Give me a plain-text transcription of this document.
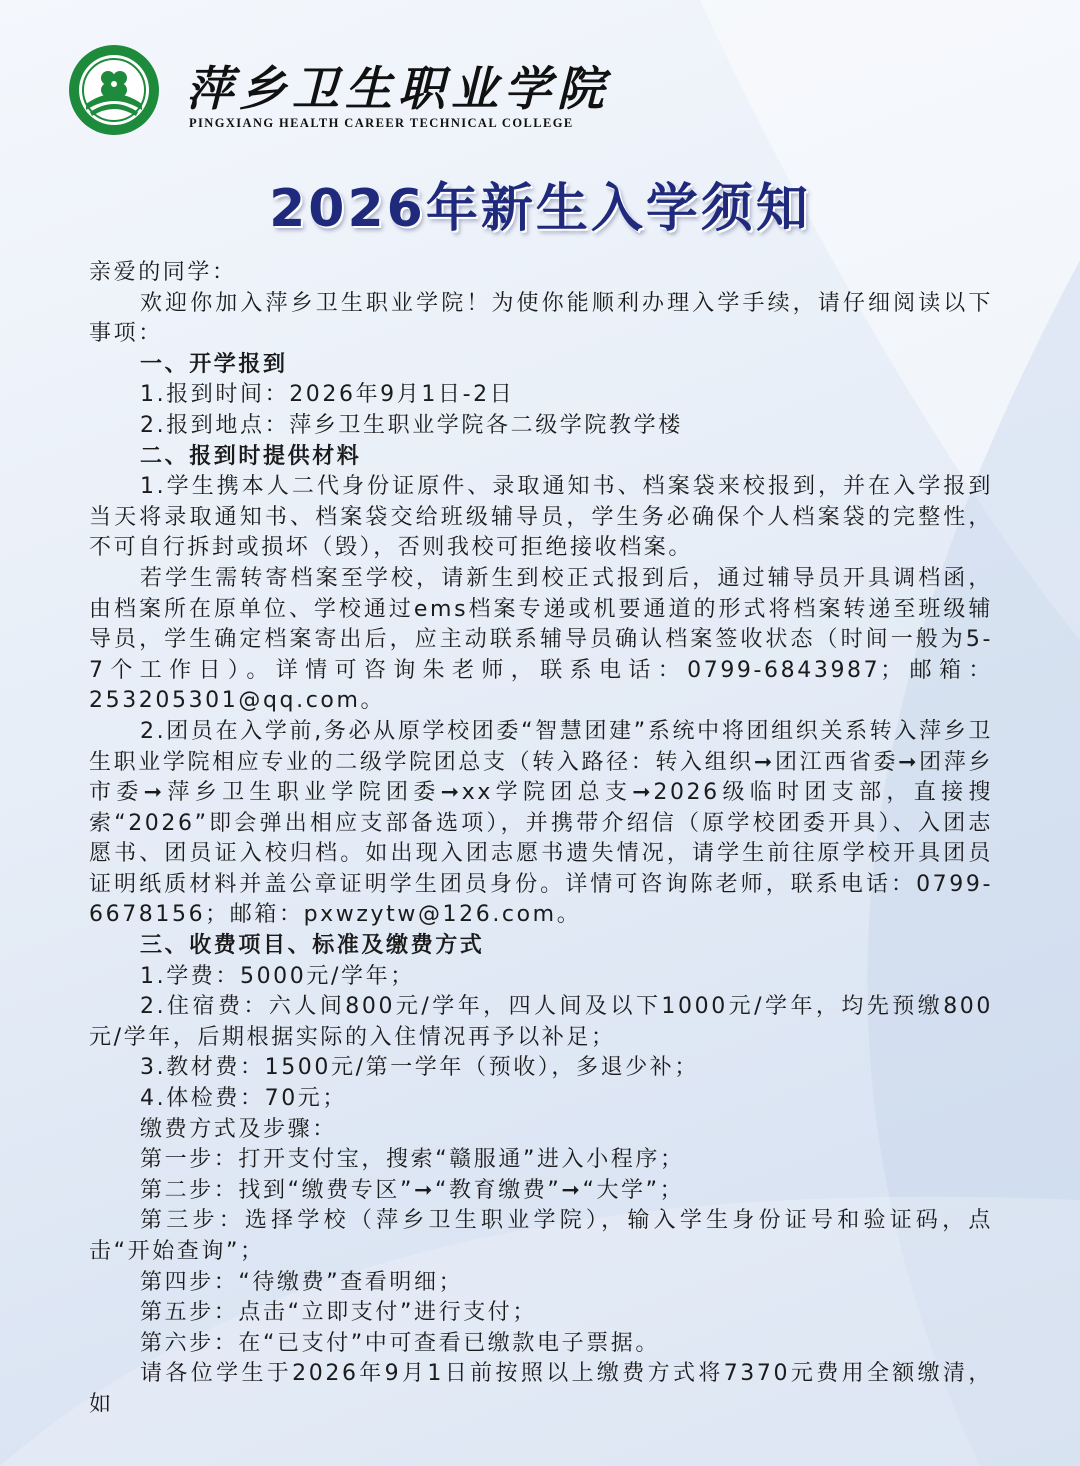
萍乡卫生职业学院
PINGXIANG HEALTH CAREER TECHNICAL COLLEGE
2026年新生入学须知

亲爱的同学：

欢迎你加入萍乡卫生职业学院！为使你能顺利办理入学手续，请仔细阅读以下事项：

一、开学报到

1.报到时间：2026年9月1日-2日

2.报到地点：萍乡卫生职业学院各二级学院教学楼

二、报到时提供材料

1.学生携本人二代身份证原件、录取通知书、档案袋来校报到，并在入学报到当天将录取通知书、档案袋交给班级辅导员，学生务必确保个人档案袋的完整性，不可自行拆封或损坏（毁），否则我校可拒绝接收档案。

若学生需转寄档案至学校，请新生到校正式报到后，通过辅导员开具调档函，由档案所在原单位、学校通过ems档案专递或机要通道的形式将档案转递至班级辅导员，学生确定档案寄出后，应主动联系辅导员确认档案签收状态（时间一般为5-7个工作日）。详情可咨询朱老师，联系电话：0799-6843987；邮箱：253205301@qq.com。

2.团员在入学前,务必从原学校团委“智慧团建”系统中将团组织关系转入萍乡卫生职业学院相应专业的二级学院团总支（转入路径：转入组织➞团江西省委➞团萍乡市委➞萍乡卫生职业学院团委➞xx学院团总支➞2026级临时团支部，直接搜索“2026”即会弹出相应支部备选项），并携带介绍信（原学校团委开具）、入团志愿书、团员证入校归档。如出现入团志愿书遗失情况，请学生前往原学校开具团员证明纸质材料并盖公章证明学生团员身份。详情可咨询陈老师，联系电话：0799-6678156；邮箱：pxwzytw@126.com。

三、收费项目、标准及缴费方式

1.学费：5000元/学年；

2.住宿费：六人间800元/学年，四人间及以下1000元/学年，均先预缴800元/学年，后期根据实际的入住情况再予以补足；

3.教材费：1500元/第一学年（预收），多退少补；

4.体检费：70元；

缴费方式及步骤：

第一步：打开支付宝，搜索“赣服通”进入小程序；

第二步：找到“缴费专区”➞“教育缴费”➞“大学”；

第三步：选择学校（萍乡卫生职业学院），输入学生身份证号和验证码，点击“开始查询”；

第四步：“待缴费”查看明细；

第五步：点击“立即支付”进行支付；

第六步：在“已支付”中可查看已缴款电子票据。

请各位学生于2026年9月1日前按照以上缴费方式将7370元费用全额缴清，如
